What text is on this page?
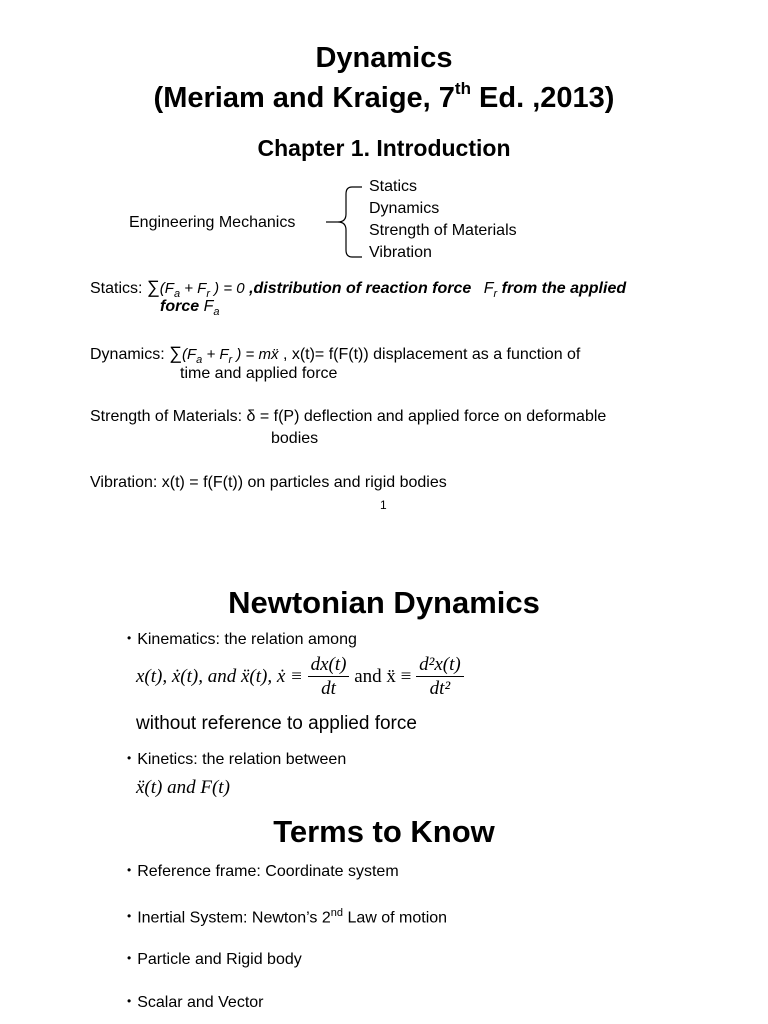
Dynamics
(Meriam and Kraige, 7th Ed. ,2013)
Chapter 1. Introduction
Engineering Mechanics
Statics
Dynamics
Strength of Materials
Vibration
Statics: $\sum(F_a + F_r$ ) = 0 ,distribution of reaction force $F_r$ from the applied
force $F_a$
Dynamics: $\sum(F_a + F_r$ ) = mẍ , x(t)= f(F(t)) displacement as a function of
time and applied force
Strength of Materials: δ = f(P) deflection and applied force on deformable
bodies
Vibration: x(t) = f(F(t)) on particles and rigid bodies
1
Newtonian Dynamics
• Kinematics: the relation among
x(t), ẋ(t), and ẍ(t), ẋ ≡ $\frac{dx(t)}{dt}$ and ẍ ≡ $\frac{\text{d²x(t)}}{\text{dt²}}$
without reference to applied force
• Kinetics: the relation between
ẍ(t) and F(t)
Terms to Know
• Reference frame: Coordinate system
• Inertial System: Newton’s 2nd Law of motion
• Particle and Rigid body
• Scalar and Vector
